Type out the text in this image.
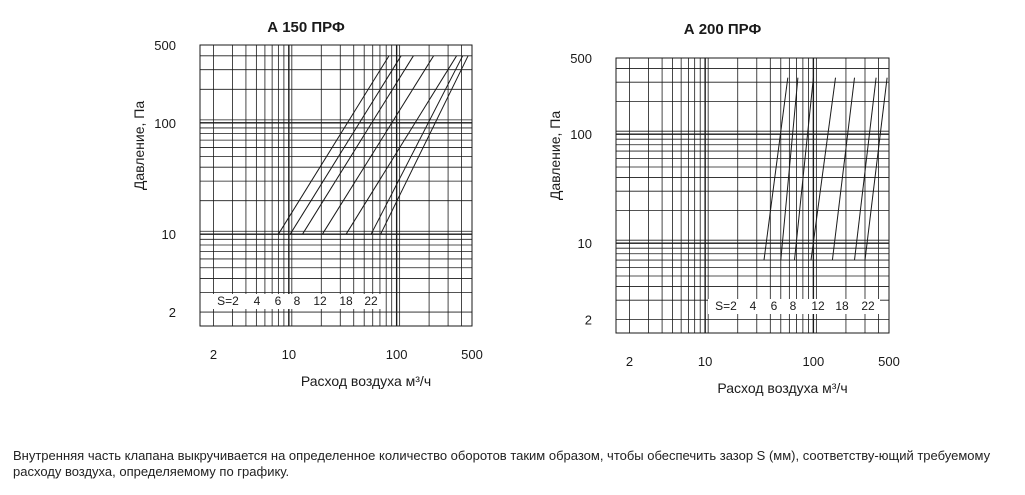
S=2 4 6 8 12 18 22
А 150 ПРФ
500
100
10
2
2	10	100	500
Давление, Па
Расход воздуха м³/ч
S=2 4 6 8 12 18 22
А 200 ПРФ
500
100
10
2
2	10	100	500
Давление, Па
Расход воздуха м³/ч
Внутренняя часть клапана выкручивается на определенное количество оборотов таким образом, чтобы обеспечить зазор S (мм), соответству-ющий требуемому расходу воздуха, определяемому по графику.
